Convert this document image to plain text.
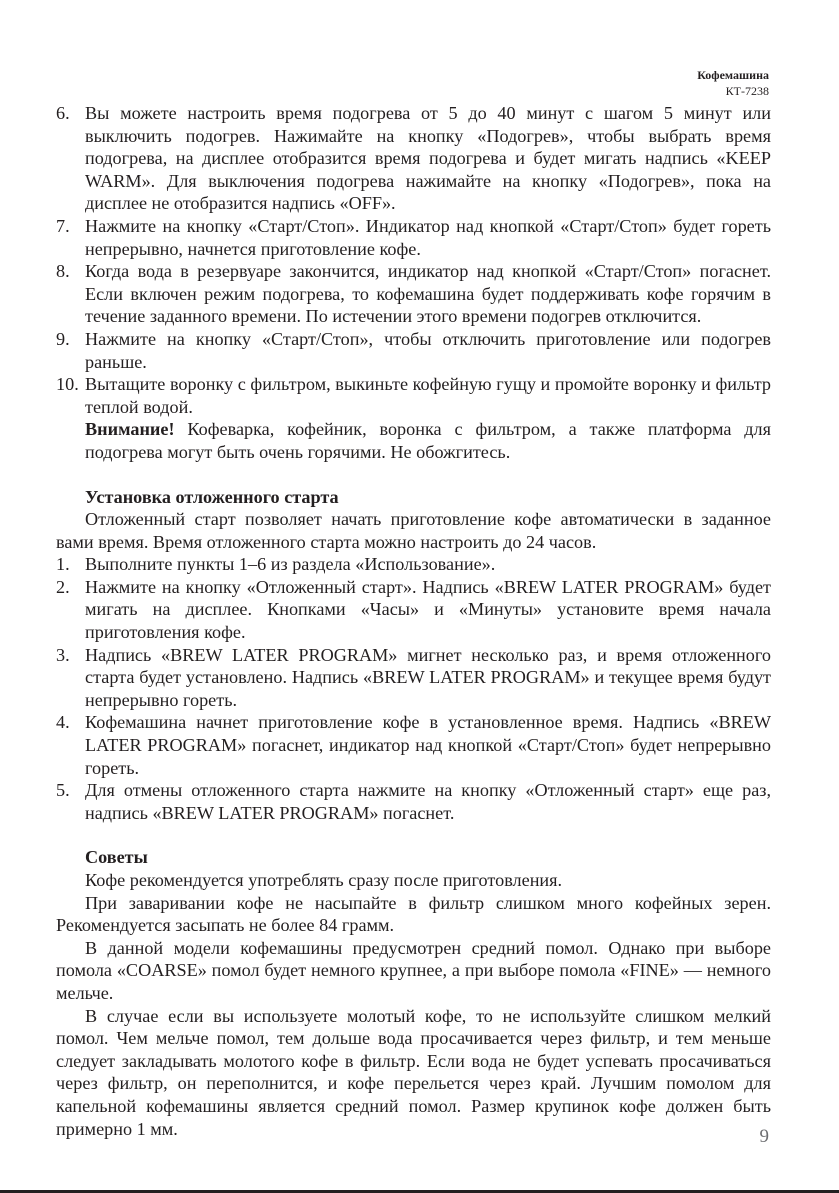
Кофемашина
КТ-7238
6. Вы можете настроить время подогрева от 5 до 40 минут с шагом 5 минут или выключить подогрев. Нажимайте на кнопку «Подогрев», чтобы выбрать время подогрева, на дисплее отобразится время подогрева и будет мигать надпись «KEEP WARM». Для выключения подогрева нажимайте на кнопку «Подогрев», пока на дисплее не отобразится надпись «OFF».
7. Нажмите на кнопку «Старт/Стоп». Индикатор над кнопкой «Старт/Стоп» будет гореть непрерывно, начнется приготовление кофе.
8. Когда вода в резервуаре закончится, индикатор над кнопкой «Старт/Стоп» погаснет. Если включен режим подогрева, то кофемашина будет поддерживать кофе горячим в течение заданного времени. По истечении этого времени подогрев отключится.
9. Нажмите на кнопку «Старт/Стоп», чтобы отключить приготовление или подогрев раньше.
10. Вытащите воронку с фильтром, выкиньте кофейную гущу и промойте воронку и фильтр теплой водой.

Внимание! Кофеварка, кофейник, воронка с фильтром, а также платформа для подогрева могут быть очень горячими. Не обожгитесь.

Установка отложенного старта

Отложенный старт позволяет начать приготовление кофе автоматически в заданное вами время. Время отложенного старта можно настроить до 24 часов.

1. Выполните пункты 1–6 из раздела «Использование».
2. Нажмите на кнопку «Отложенный старт». Надпись «BREW LATER PROGRAM» будет мигать на дисплее. Кнопками «Часы» и «Минуты» установите время начала приготовления кофе.
3. Надпись «BREW LATER PROGRAM» мигнет несколько раз, и время отложенного старта будет установлено. Надпись «BREW LATER PROGRAM» и текущее время будут непрерывно гореть.
4. Кофемашина начнет приготовление кофе в установленное время. Надпись «BREW LATER PROGRAM» погаснет, индикатор над кнопкой «Старт/Стоп» будет непрерывно гореть.
5. Для отмены отложенного старта нажмите на кнопку «Отложенный старт» еще раз, надпись «BREW LATER PROGRAM» погаснет.

Советы

Кофе рекомендуется употреблять сразу после приготовления.

При заваривании кофе не насыпайте в фильтр слишком много кофейных зерен. Рекомендуется засыпать не более 84 грамм.

В данной модели кофемашины предусмотрен средний помол. Однако при выборе помола «COARSE» помол будет немного крупнее, а при выборе помола «FINE» — немного мельче.

В случае если вы используете молотый кофе, то не используйте слишком мелкий помол. Чем мельче помол, тем дольше вода просачивается через фильтр, и тем меньше следует закладывать молотого кофе в фильтр. Если вода не будет успевать просачиваться через фильтр, он переполнится, и кофе перельется через край. Лучшим помолом для капельной кофемашины является средний помол. Размер крупинок кофе должен быть примерно 1 мм.	9
